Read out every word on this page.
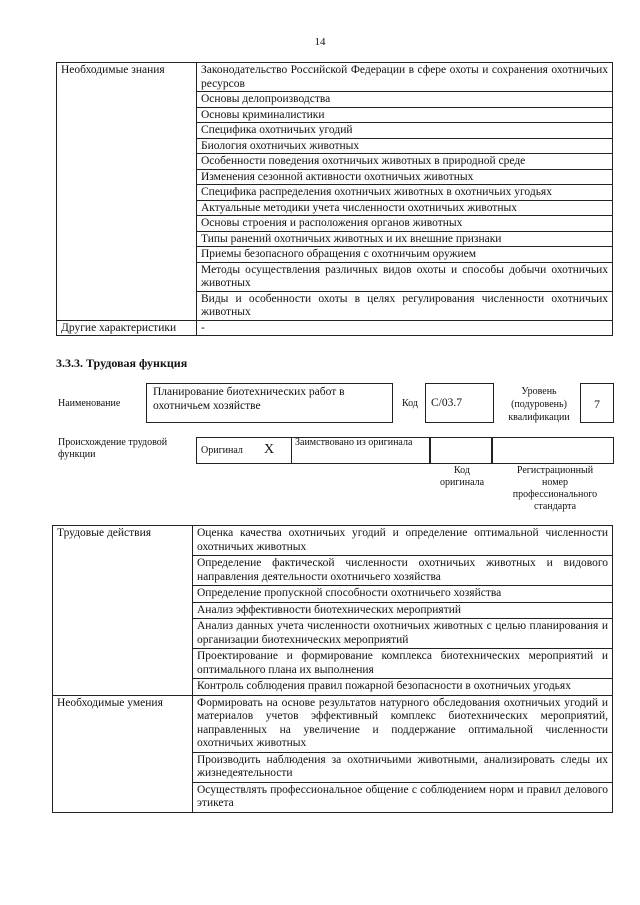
14
Необходимые знания	Законодательство Российской Федерации в сфере охоты и сохранения охотничьих ресурсов
	Основы делопроизводства
	Основы криминалистики
	Специфика охотничьих угодий
	Биология охотничьих животных
	Особенности поведения охотничьих животных в природной среде
	Изменения сезонной активности охотничьих животных
	Специфика распределения охотничьих животных в охотничьих угодьях
	Актуальные методики учета численности охотничьих животных
	Основы строения и расположения органов животных
	Типы ранений охотничьих животных и их внешние признаки
	Приемы безопасного обращения с охотничьим оружием
	Методы осуществления различных видов охоты и способы добычи охотничьих животных
	Виды и особенности охоты в целях регулирования численности охотничьих животных
Другие характеристики	-
3.3.3. Трудовая функция
Наименование
Планирование биотехнических работ в охотничьем хозяйстве	Код	С/03.7
Уровень (подуровень) квалификации
7
Происхождение трудовой функции	Оригинал X Заимствовано из оригинала
Код оригинала
Регистрационный номер профессионального стандарта
Трудовые действия	Оценка качества охотничьих угодий и определение оптимальной численности охотничьих животных
	Определение фактической численности охотничьих животных и видового направления деятельности охотничьего хозяйства
	Определение пропускной способности охотничьего хозяйства
	Анализ эффективности биотехнических мероприятий
	Анализ данных учета численности охотничьих животных с целью планирования и организации биотехнических мероприятий
	Проектирование и формирование комплекса биотехнических мероприятий и оптимального плана их выполнения
	Контроль соблюдения правил пожарной безопасности в охотничьих угодьях
Необходимые умения	Формировать на основе результатов натурного обследования охотничьих угодий и материалов учетов эффективный комплекс биотехнических мероприятий, направленных на увеличение и поддержание оптимальной численности охотничьих животных
	Производить наблюдения за охотничьими животными, анализировать следы их жизнедеятельности
	Осуществлять профессиональное общение с соблюдением норм и правил делового этикета
